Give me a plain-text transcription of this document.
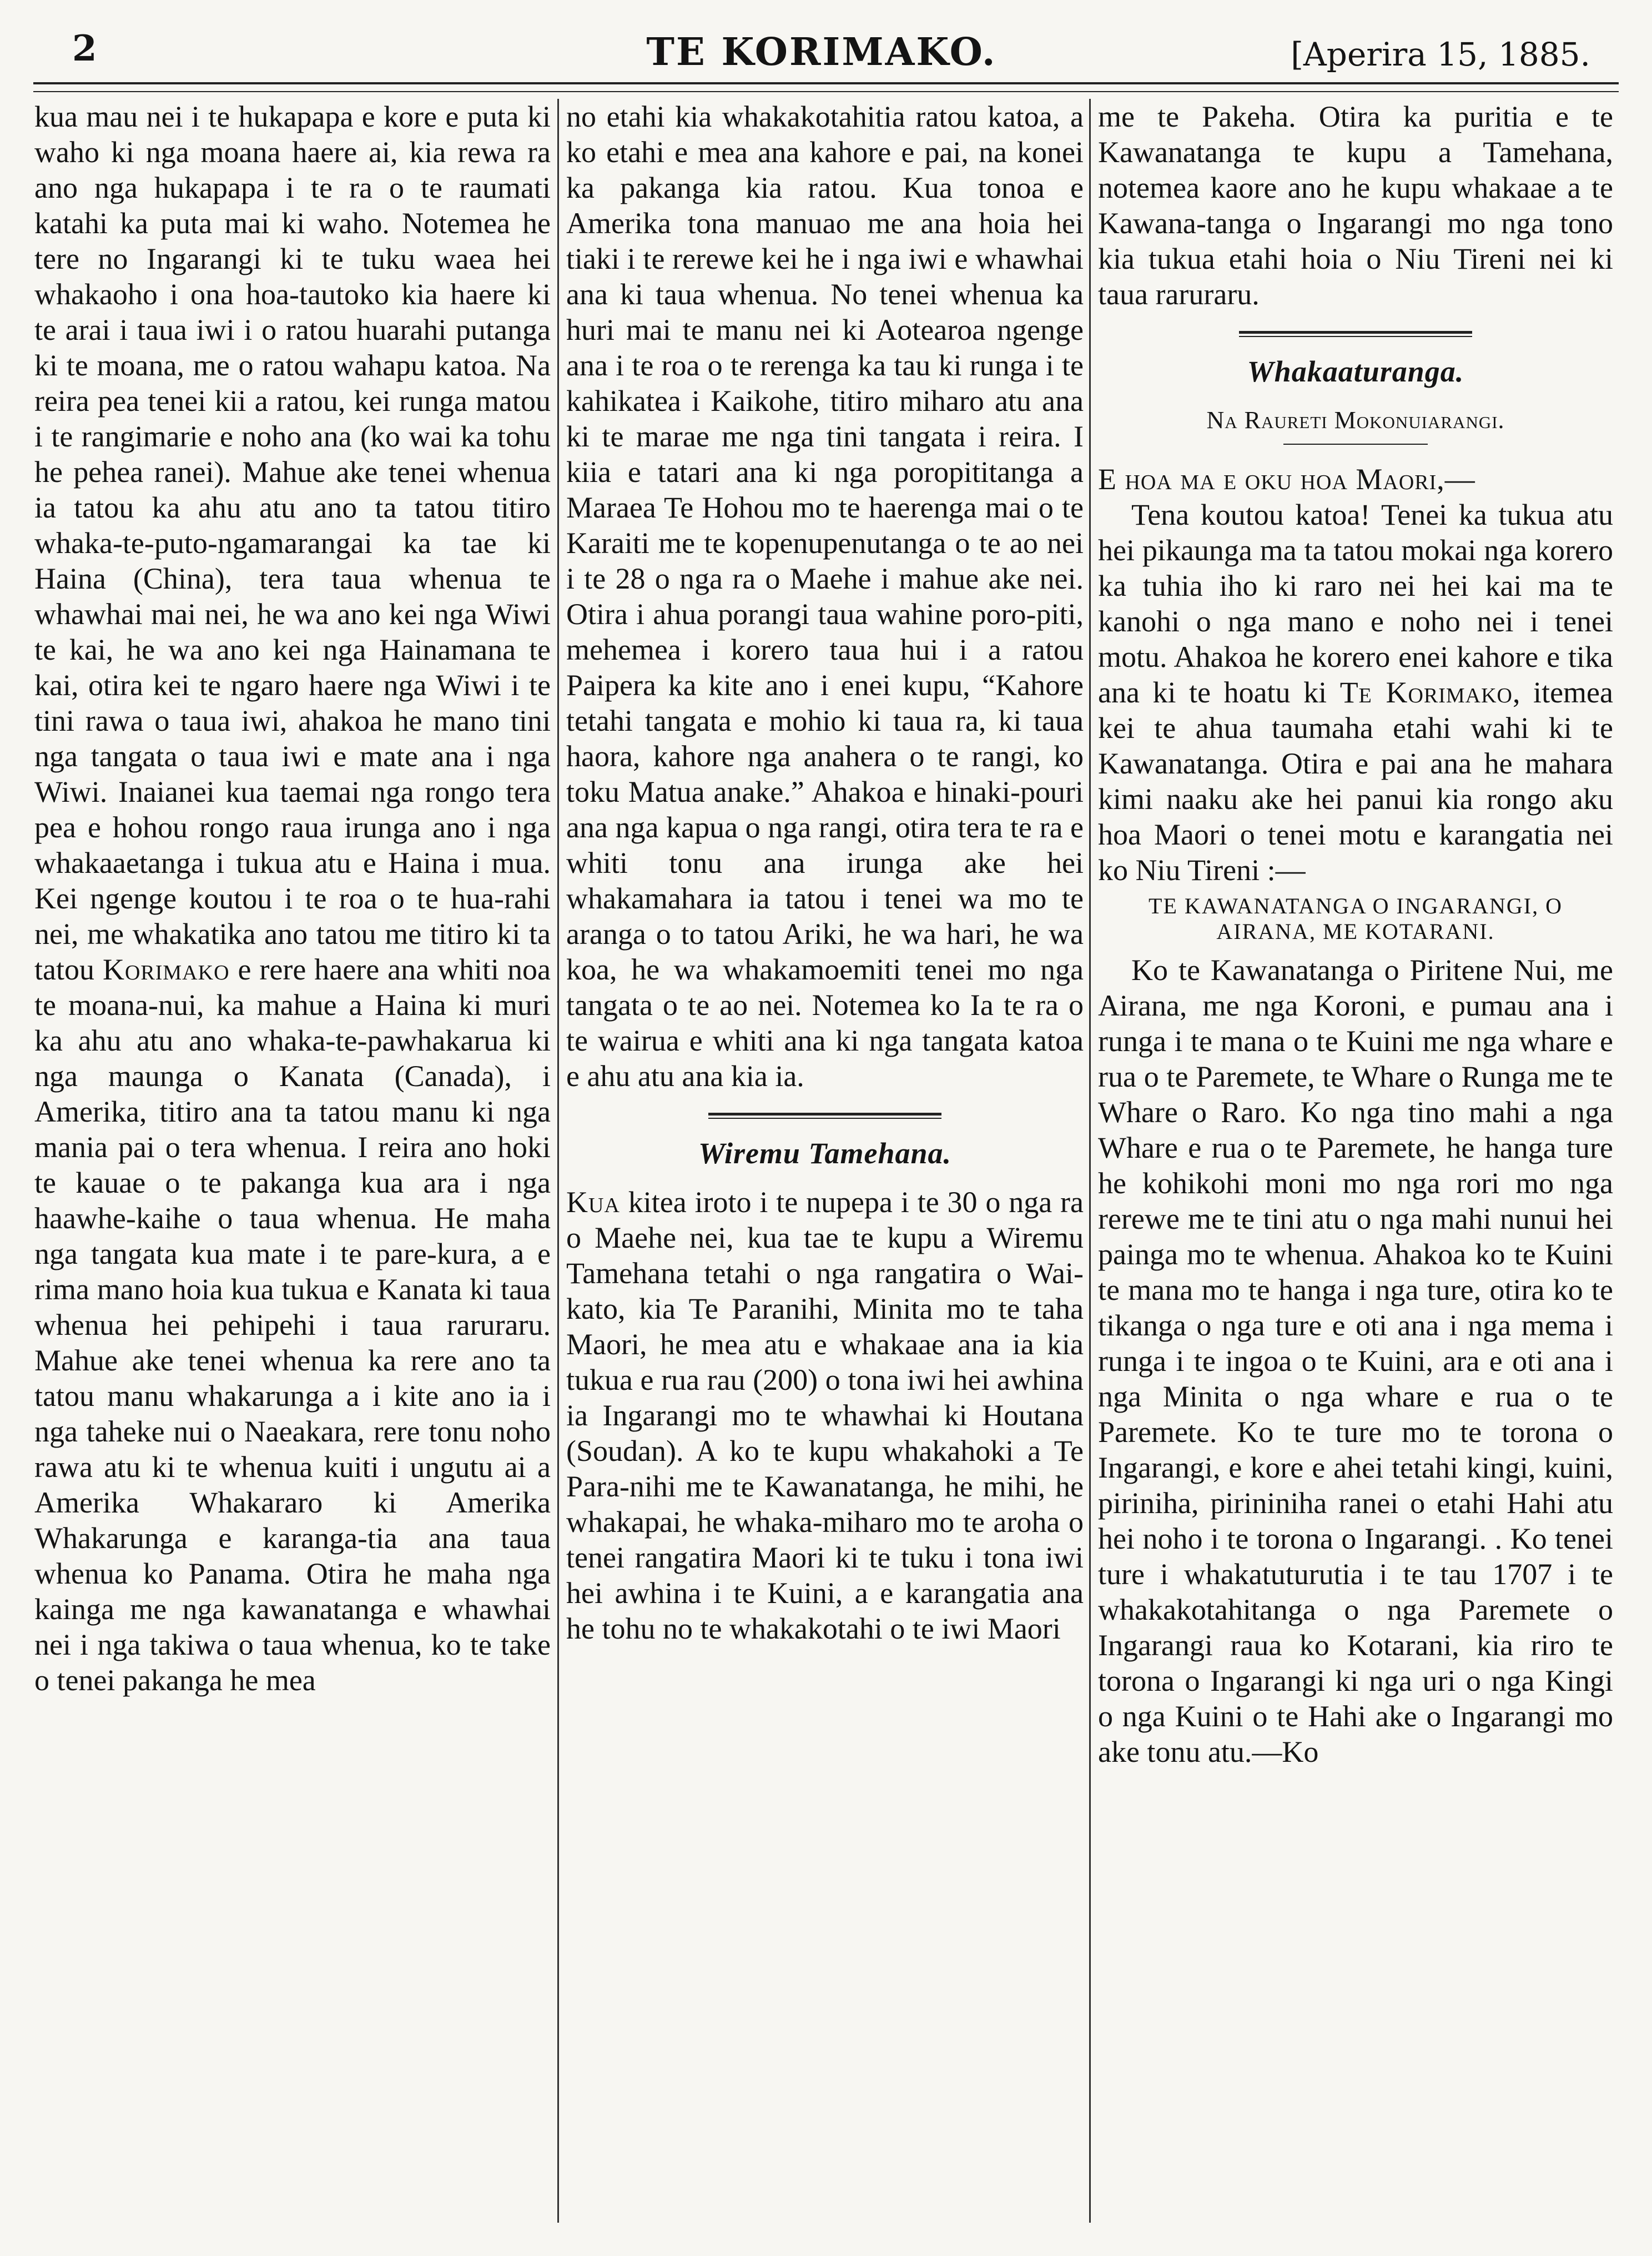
2	TE KORIMAKO.	[Aperira 15, 1885.

kua mau nei i te hukapapa e kore e puta ki waho ki nga moana haere ai, kia rewa ra ano nga hukapapa i te ra o te raumati katahi ka puta mai ki waho. Notemea he tere no Ingarangi ki te tuku waea hei whakaoho i ona hoa-tautoko kia haere ki te arai i taua iwi i o ratou huarahi putanga ki te moana, me o ratou wahapu katoa. Na reira pea tenei kii a ratou, kei runga matou i te rangimarie e noho ana (ko wai ka tohu he pehea ranei). Mahue ake tenei whenua ia tatou ka ahu atu ano ta tatou titiro whaka-te-puto-ngamarangai ka tae ki Haina (China), tera taua whenua te whawhai mai nei, he wa ano kei nga Wiwi te kai, he wa ano kei nga Hainamana te kai, otira kei te ngaro haere nga Wiwi i te tini rawa o taua iwi, ahakoa he mano tini nga tangata o taua iwi e mate ana i nga Wiwi. Inaianei kua taemai nga rongo tera pea e hohou rongo raua irunga ano i nga whakaaetanga i tukua atu e Haina i mua. Kei ngenge koutou i te roa o te hua-rahi nei, me whakatika ano tatou me titiro ki ta tatou Korimako e rere haere ana whiti noa te moana-nui, ka mahue a Haina ki muri ka ahu atu ano whaka-te-pawhakarua ki nga maunga o Kanata (Canada), i Amerika, titiro ana ta tatou manu ki nga mania pai o tera whenua. I reira ano hoki te kauae o te pakanga kua ara i nga haawhe-kaihe o taua whenua. He maha nga tangata kua mate i te pare-kura, a e rima mano hoia kua tukua e Kanata ki taua whenua hei pehipehi i taua raruraru. Mahue ake tenei whenua ka rere ano ta tatou manu whakarunga a i kite ano ia i nga taheke nui o Naeakara, rere tonu noho rawa atu ki te whenua kuiti i ungutu ai a Amerika Whakararo ki Amerika Whakarunga e karanga-tia ana taua whenua ko Panama. Otira he maha nga kainga me nga kawanatanga e whawhai nei i nga takiwa o taua whenua, ko te take o tenei pakanga he mea

no etahi kia whakakotahitia ratou katoa, a ko etahi e mea ana kahore e pai, na konei ka pakanga kia ratou. Kua tonoa e Amerika tona manuao me ana hoia hei tiaki i te rerewe kei he i nga iwi e whawhai ana ki taua whenua. No tenei whenua ka huri mai te manu nei ki Aotearoa ngenge ana i te roa o te rerenga ka tau ki runga i te kahikatea i Kaikohe, titiro miharo atu ana ki te marae me nga tini tangata i reira. I kiia e tatari ana ki nga poropititanga a Maraea Te Hohou mo te haerenga mai o te Karaiti me te kopenupenutanga o te ao nei i te 28 o nga ra o Maehe i mahue ake nei. Otira i ahua porangi taua wahine poro-piti, mehemea i korero taua hui i a ratou Paipera ka kite ano i enei kupu, “Kahore tetahi tangata e mohio ki taua ra, ki taua haora, kahore nga anahera o te rangi, ko toku Matua anake.” Ahakoa e hinaki-pouri ana nga kapua o nga rangi, otira tera te ra e whiti tonu ana irunga ake hei whakamahara ia tatou i tenei wa mo te aranga o to tatou Ariki, he wa hari, he wa koa, he wa whakamoemiti tenei mo nga tangata o te ao nei. Notemea ko Ia te ra o te wairua e whiti ana ki nga tangata katoa e ahu atu ana kia ia.

Wiremu Tamehana.

Kua kitea iroto i te nupepa i te 30 o nga ra o Maehe nei, kua tae te kupu a Wiremu Tamehana tetahi o nga rangatira o Wai-kato, kia Te Paranihi, Minita mo te taha Maori, he mea atu e whakaae ana ia kia tukua e rua rau (200) o tona iwi hei awhina ia Ingarangi mo te whawhai ki Houtana (Soudan). A ko te kupu whakahoki a Te Para-nihi me te Kawanatanga, he mihi, he whakapai, he whaka-miharo mo te aroha o tenei rangatira Maori ki te tuku i tona iwi hei awhina i te Kuini, a e karangatia ana he tohu no te whakakotahi o te iwi Maori

me te Pakeha. Otira ka puritia e te Kawanatanga te kupu a Tamehana, notemea kaore ano he kupu whakaae a te Kawana-tanga o Ingarangi mo nga tono kia tukua etahi hoia o Niu Tireni nei ki taua raruraru.

Whakaaturanga.
Na Raureti Mokonuiarangi.

E hoa ma e oku hoa Maori,—

Tena koutou katoa! Tenei ka tukua atu hei pikaunga ma ta tatou mokai nga korero ka tuhia iho ki raro nei hei kai ma te kanohi o nga mano e noho nei i tenei motu. Ahakoa he korero enei kahore e tika ana ki te hoatu ki Te Korimako, itemea kei te ahua taumaha etahi wahi ki te Kawanatanga. Otira e pai ana he mahara kimi naaku ake hei panui kia rongo aku hoa Maori o tenei motu e karangatia nei ko Niu Tireni :—

TE KAWANATANGA O INGARANGI, O AIRANA, ME KOTARANI.

Ko te Kawanatanga o Piritene Nui, me Airana, me nga Koroni, e pumau ana i runga i te mana o te Kuini me nga whare e rua o te Paremete, te Whare o Runga me te Whare o Raro. Ko nga tino mahi a nga Whare e rua o te Paremete, he hanga ture he kohikohi moni mo nga rori mo nga rerewe me te tini atu o nga mahi nunui hei painga mo te whenua. Ahakoa ko te Kuini te mana mo te hanga i nga ture, otira ko te tikanga o nga ture e oti ana i nga mema i runga i te ingoa o te Kuini, ara e oti ana i nga Minita o nga whare e rua o te Paremete. Ko te ture mo te torona o Ingarangi, e kore e ahei tetahi kingi, kuini, piriniha, pirininiha ranei o etahi Hahi atu hei noho i te torona o Ingarangi. . Ko tenei ture i whakatuturutia i te tau 1707 i te whakakotahitanga o nga Paremete o Ingarangi raua ko Kotarani, kia riro te torona o Ingarangi ki nga uri o nga Kingi o nga Kuini o te Hahi ake o Ingarangi mo ake tonu atu.—Ko
